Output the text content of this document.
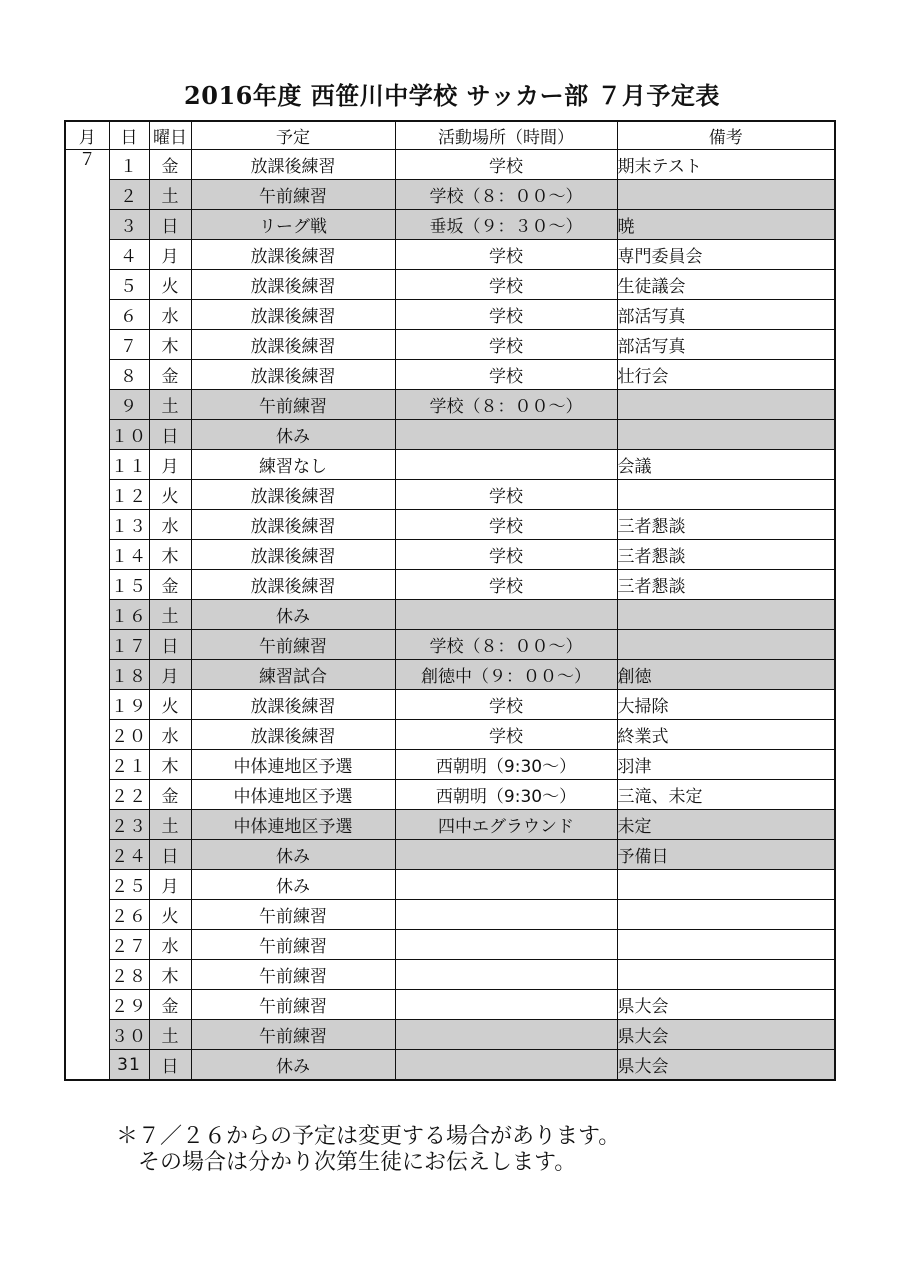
2016年度 西笹川中学校 サッカー部 ７月予定表
月	日	曜日	予定	活動場所（時間）	備考
７	１	金	放課後練習	学校	期末テスト
	２	土	午前練習	学校（８：００～）	
	３	日	リーグ戦	垂坂（９：３０～）	暁
	４	月	放課後練習	学校	専門委員会
	５	火	放課後練習	学校	生徒議会
	６	水	放課後練習	学校	部活写真
	７	木	放課後練習	学校	部活写真
	８	金	放課後練習	学校	壮行会
	９	土	午前練習	学校（８：００～）	
	１０	日	休み		
	１１	月	練習なし		会議
	１２	火	放課後練習	学校	
	１３	水	放課後練習	学校	三者懇談
	１４	木	放課後練習	学校	三者懇談
	１５	金	放課後練習	学校	三者懇談
	１６	土	休み		
	１７	日	午前練習	学校（８：００～）	
	１８	月	練習試合	創徳中（９：００～）	創徳
	１９	火	放課後練習	学校	大掃除
	２０	水	放課後練習	学校	終業式
	２１	木	中体連地区予選	西朝明（9:30～）	羽津
	２２	金	中体連地区予選	西朝明（9:30～）	三滝、未定
	２３	土	中体連地区予選	四中エグラウンド	未定
	２４	日	休み		予備日
	２５	月	休み		
	２６	火	午前練習		
	２７	水	午前練習		
	２８	木	午前練習		
	２９	金	午前練習		県大会
	３０	土	午前練習		県大会
	31	日	休み		県大会
＊７／２６からの予定は変更する場合があります。
その場合は分かり次第生徒にお伝えします。
